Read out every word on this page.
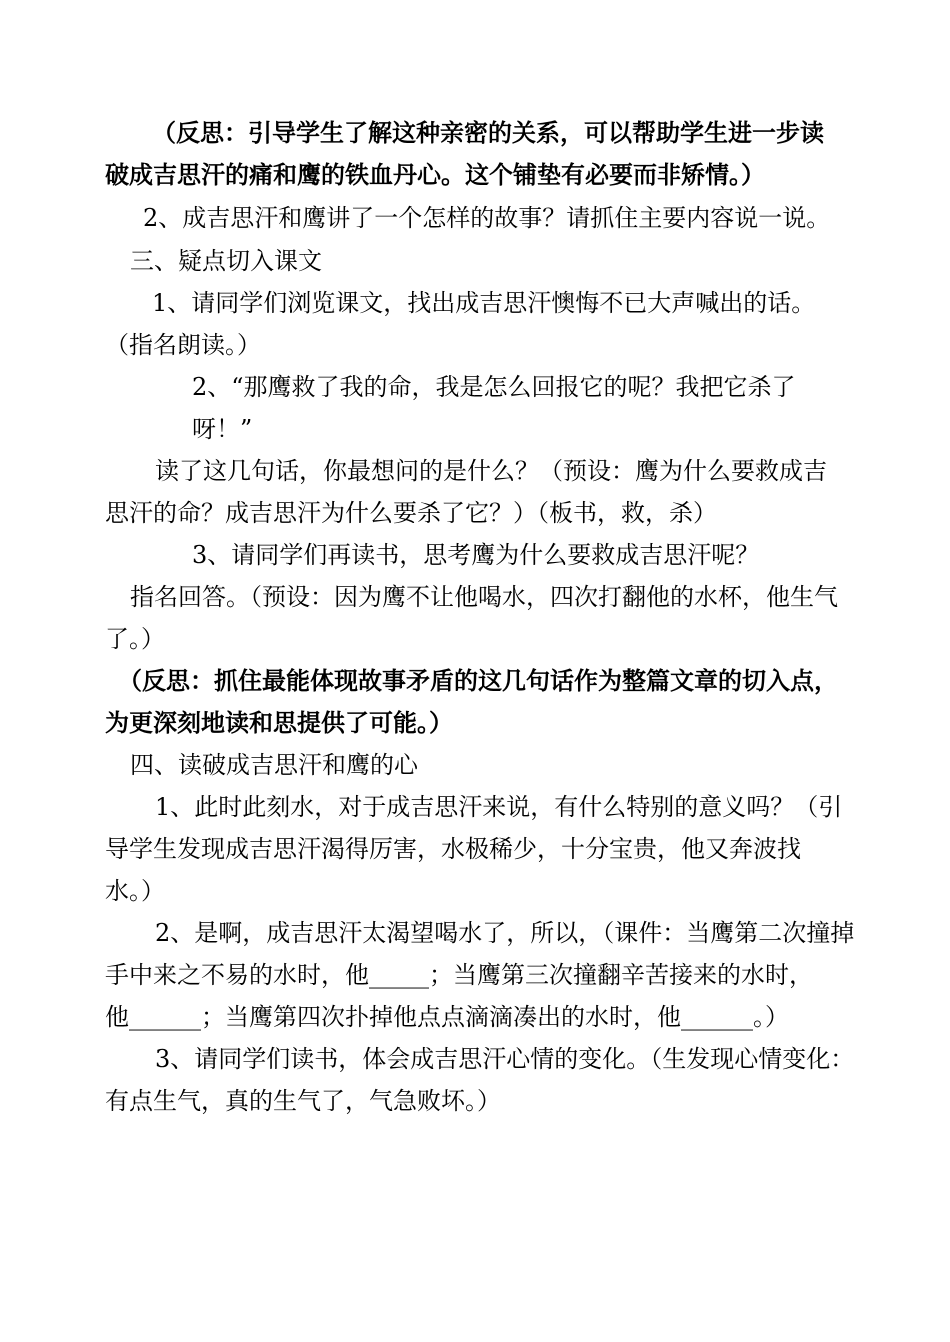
（反思：引导学生了解这种亲密的关系，可以帮助学生进一步读
破成吉思汗的痛和鹰的铁血丹心。这个铺垫有必要而非矫情。）
2、成吉思汗和鹰讲了一个怎样的故事？请抓住主要内容说一说。
三、疑点切入课文
1、请同学们浏览课文，找出成吉思汗懊悔不已大声喊出的话。
（指名朗读。）
2、“那鹰救了我的命，我是怎么回报它的呢？我把它杀了
呀！”
读了这几句话，你最想问的是什么？（预设：鹰为什么要救成吉
思汗的命？成吉思汗为什么要杀了它？）（板书，救，杀）
3、请同学们再读书，思考鹰为什么要救成吉思汗呢？
指名回答。（预设：因为鹰不让他喝水，四次打翻他的水杯，他生气
了。）
（反思：抓住最能体现故事矛盾的这几句话作为整篇文章的切入点，
为更深刻地读和思提供了可能。）
四、读破成吉思汗和鹰的心
1、此时此刻水，对于成吉思汗来说，有什么特别的意义吗？（引
导学生发现成吉思汗渴得厉害，水极稀少，十分宝贵，他又奔波找
水。）
2、是啊，成吉思汗太渴望喝水了，所以，（课件：当鹰第二次撞掉
手中来之不易的水时，他_____；当鹰第三次撞翻辛苦接来的水时，
他______；当鹰第四次扑掉他点点滴滴凑出的水时，他______。）
3、请同学们读书，体会成吉思汗心情的变化。（生发现心情变化：
有点生气，真的生气了，气急败坏。）
